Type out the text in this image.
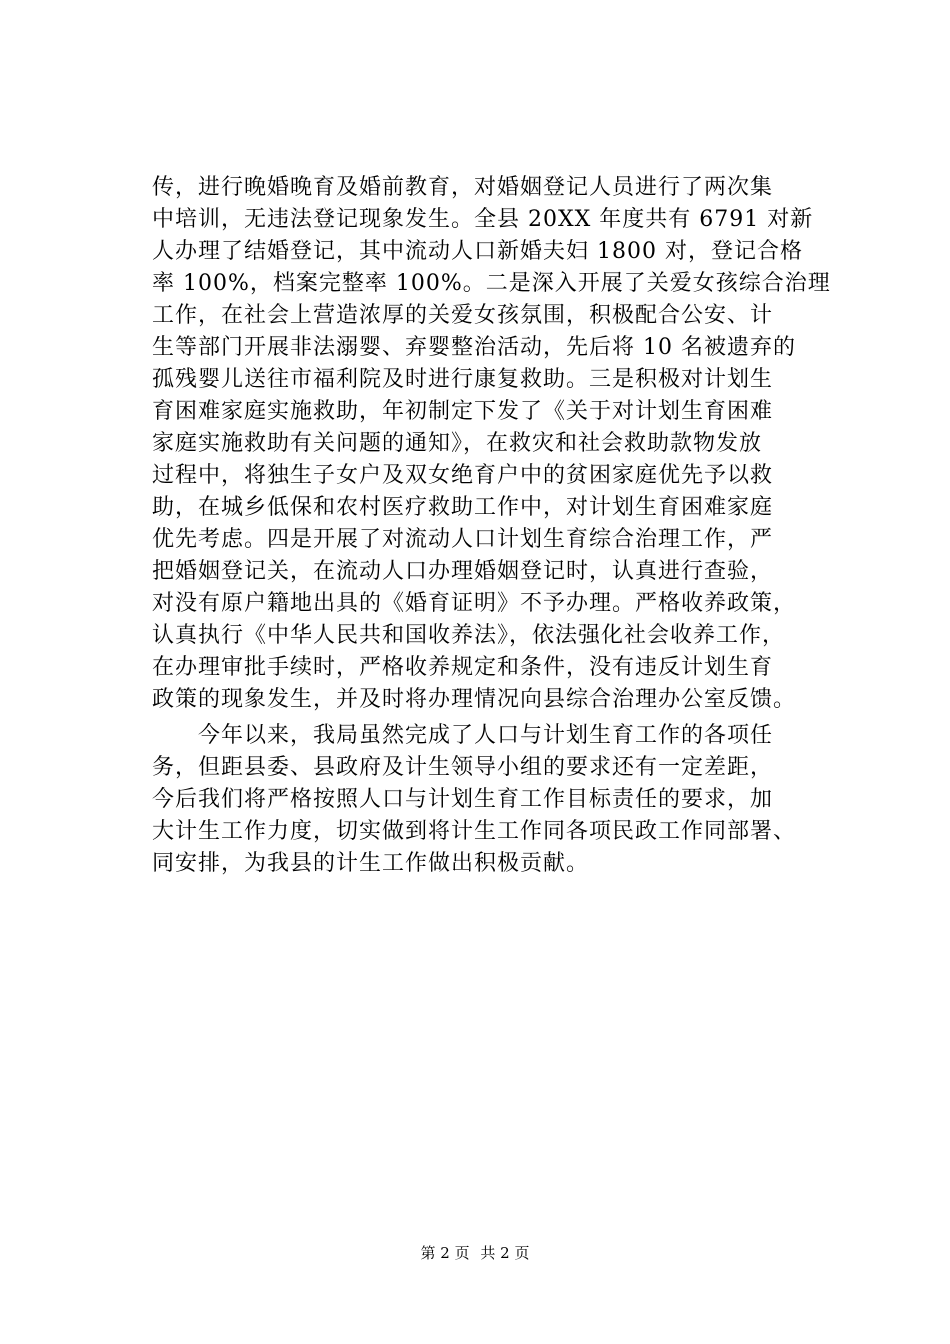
传，进行晚婚晚育及婚前教育，对婚姻登记人员进行了两次集
中培训，无违法登记现象发生。全县 20XX 年度共有 6791 对新
人办理了结婚登记，其中流动人口新婚夫妇 1800 对，登记合格
率 100%，档案完整率 100%。二是深入开展了关爱女孩综合治理
工作，在社会上营造浓厚的关爱女孩氛围，积极配合公安、计
生等部门开展非法溺婴、弃婴整治活动，先后将 10 名被遗弃的
孤残婴儿送往市福利院及时进行康复救助。三是积极对计划生
育困难家庭实施救助，年初制定下发了《关于对计划生育困难
家庭实施救助有关问题的通知》，在救灾和社会救助款物发放
过程中，将独生子女户及双女绝育户中的贫困家庭优先予以救
助，在城乡低保和农村医疗救助工作中，对计划生育困难家庭
优先考虑。四是开展了对流动人口计划生育综合治理工作，严
把婚姻登记关，在流动人口办理婚姻登记时，认真进行查验，
对没有原户籍地出具的《婚育证明》不予办理。严格收养政策，
认真执行《中华人民共和国收养法》，依法强化社会收养工作，
在办理审批手续时，严格收养规定和条件，没有违反计划生育
政策的现象发生，并及时将办理情况向县综合治理办公室反馈。
　　今年以来，我局虽然完成了人口与计划生育工作的各项任
务，但距县委、县政府及计生领导小组的要求还有一定差距，
今后我们将严格按照人口与计划生育工作目标责任的要求，加
大计生工作力度，切实做到将计生工作同各项民政工作同部署、
同安排，为我县的计生工作做出积极贡献。
第 2 页 共 2 页
